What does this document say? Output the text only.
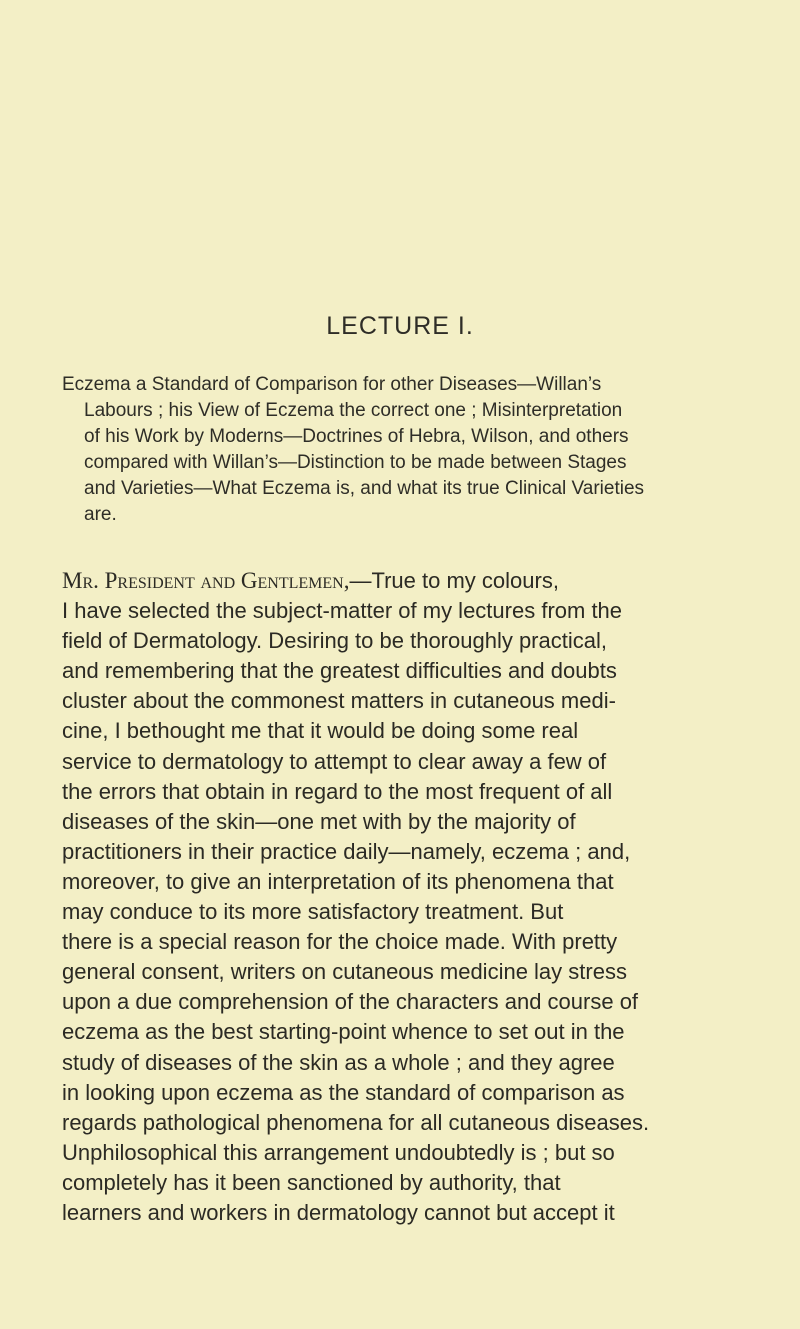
LECTURE I.
Eczema a Standard of Comparison for other Diseases—Willan’s
Labours ; his View of Eczema the correct one ; Misinterpretation
of his Work by Moderns—Doctrines of Hebra, Wilson, and others
compared with Willan’s—Distinction to be made between Stages
and Varieties—What Eczema is, and what its true Clinical Varieties
are.
Mr. President and Gentlemen,—True to my colours,
I have selected the subject-matter of my lectures from the
field of Dermatology. Desiring to be thoroughly practical,
and remembering that the greatest difficulties and doubts
cluster about the commonest matters in cutaneous medi-
cine, I bethought me that it would be doing some real
service to dermatology to attempt to clear away a few of
the errors that obtain in regard to the most frequent of all
diseases of the skin—one met with by the majority of
practitioners in their practice daily—namely, eczema ; and,
moreover, to give an interpretation of its phenomena that
may conduce to its more satisfactory treatment. But
there is a special reason for the choice made. With pretty
general consent, writers on cutaneous medicine lay stress
upon a due comprehension of the characters and course of
eczema as the best starting-point whence to set out in the
study of diseases of the skin as a whole ; and they agree
in looking upon eczema as the standard of comparison as
regards pathological phenomena for all cutaneous diseases.
Unphilosophical this arrangement undoubtedly is ; but so
completely has it been sanctioned by authority, that
learners and workers in dermatology cannot but accept it
